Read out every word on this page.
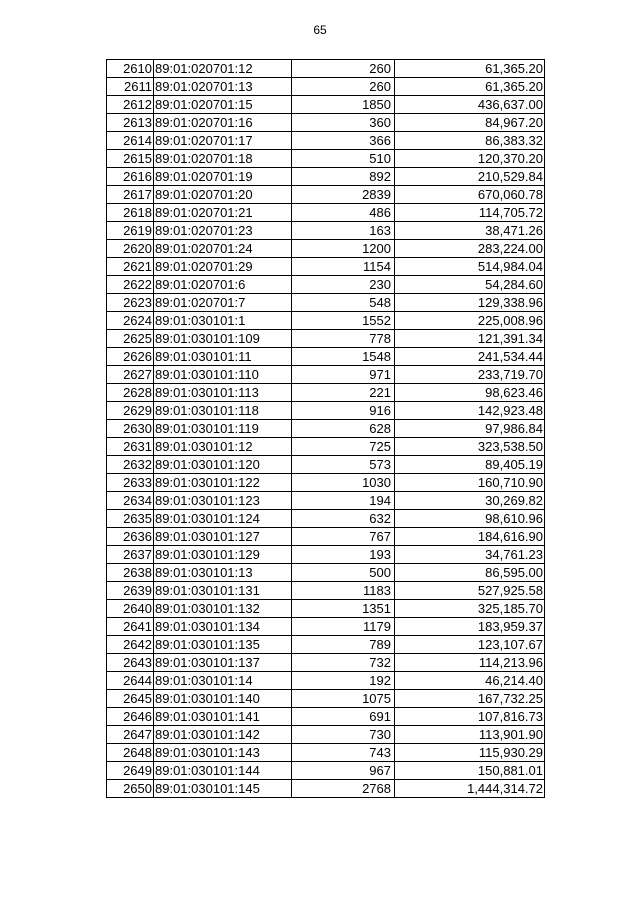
65
2610	89:01:020701:12	260	61,365.20
2611	89:01:020701:13	260	61,365.20
2612	89:01:020701:15	1850	436,637.00
2613	89:01:020701:16	360	84,967.20
2614	89:01:020701:17	366	86,383.32
2615	89:01:020701:18	510	120,370.20
2616	89:01:020701:19	892	210,529.84
2617	89:01:020701:20	2839	670,060.78
2618	89:01:020701:21	486	114,705.72
2619	89:01:020701:23	163	38,471.26
2620	89:01:020701:24	1200	283,224.00
2621	89:01:020701:29	1154	514,984.04
2622	89:01:020701:6	230	54,284.60
2623	89:01:020701:7	548	129,338.96
2624	89:01:030101:1	1552	225,008.96
2625	89:01:030101:109	778	121,391.34
2626	89:01:030101:11	1548	241,534.44
2627	89:01:030101:110	971	233,719.70
2628	89:01:030101:113	221	98,623.46
2629	89:01:030101:118	916	142,923.48
2630	89:01:030101:119	628	97,986.84
2631	89:01:030101:12	725	323,538.50
2632	89:01:030101:120	573	89,405.19
2633	89:01:030101:122	1030	160,710.90
2634	89:01:030101:123	194	30,269.82
2635	89:01:030101:124	632	98,610.96
2636	89:01:030101:127	767	184,616.90
2637	89:01:030101:129	193	34,761.23
2638	89:01:030101:13	500	86,595.00
2639	89:01:030101:131	1183	527,925.58
2640	89:01:030101:132	1351	325,185.70
2641	89:01:030101:134	1179	183,959.37
2642	89:01:030101:135	789	123,107.67
2643	89:01:030101:137	732	114,213.96
2644	89:01:030101:14	192	46,214.40
2645	89:01:030101:140	1075	167,732.25
2646	89:01:030101:141	691	107,816.73
2647	89:01:030101:142	730	113,901.90
2648	89:01:030101:143	743	115,930.29
2649	89:01:030101:144	967	150,881.01
2650	89:01:030101:145	2768	1,444,314.72
